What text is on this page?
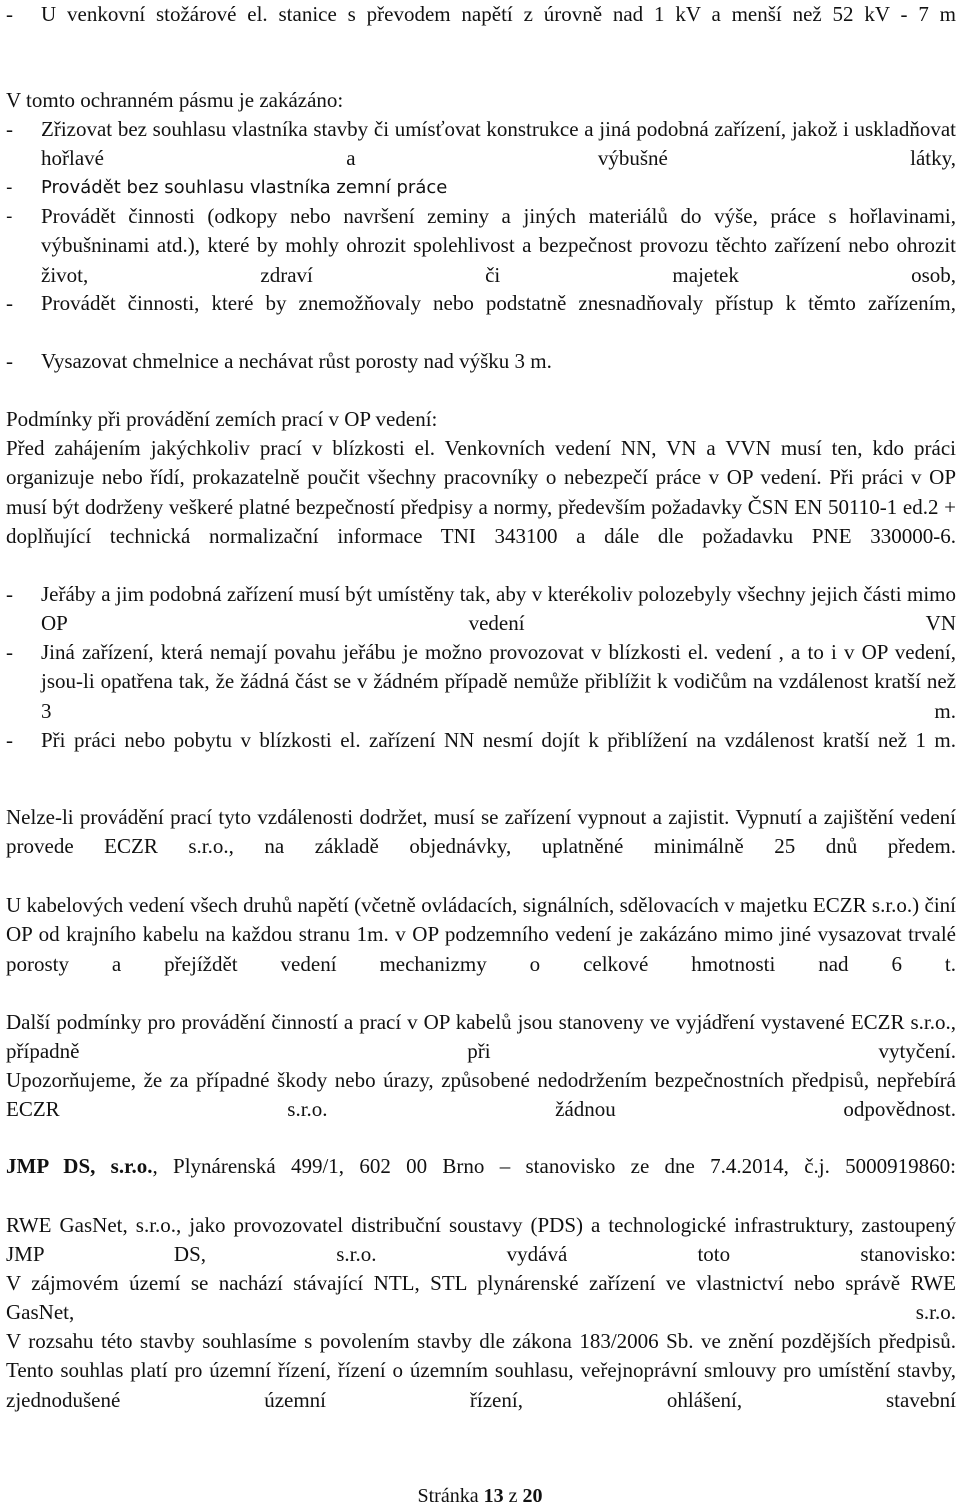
-	U venkovní stožárové el. stanice s převodem napětí z úrovně nad 1 kV a menší než 52 kV - 7 m

V tomto ochranném pásmu je zakázáno:

-	Zřizovat bez souhlasu vlastníka stavby či umísťovat konstrukce a jiná podobná zařízení, jakož i uskladňovat hořlavé a výbušné látky,

-	Provádět bez souhlasu vlastníka zemní práce

-	Provádět činnosti (odkopy nebo navršení zeminy a jiných materiálů do výše, práce s hořlavinami, výbušninami atd.), které by mohly ohrozit spolehlivost a bezpečnost provozu těchto zařízení nebo ohrozit život, zdraví či majetek osob,

-	Provádět činnosti, které by znemožňovaly nebo podstatně znesnadňovaly přístup k těmto zařízením,

-	Vysazovat chmelnice a nechávat růst porosty nad výšku 3 m.

Podmínky při provádění zemích prací v OP vedení:

Před zahájením jakýchkoliv prací v blízkosti el. Venkovních vedení NN, VN a VVN musí ten, kdo práci organizuje nebo řídí, prokazatelně poučit všechny pracovníky o nebezpečí práce v OP vedení. Při práci v OP musí být dodrženy veškeré platné bezpečností předpisy a normy, především požadavky ČSN EN 50110-1 ed.2 + doplňující technická normalizační informace TNI 343100 a dále dle požadavku PNE 330000-6.

-	Jeřáby a jim podobná zařízení musí být umístěny tak, aby v kterékoliv polozebyly všechny jejich části mimo OP vedení VN

-	Jiná zařízení, která nemají povahu jeřábu je možno provozovat v blízkosti el. vedení , a to i v OP vedení, jsou-li opatřena tak, že žádná část se v žádném případě nemůže přiblížit k vodičům na vzdálenost kratší než 3 m.

-	Při práci nebo pobytu v blízkosti el. zařízení NN nesmí dojít k přiblížení na vzdálenost kratší než 1 m.

Nelze-li provádění prací tyto vzdálenosti dodržet, musí se zařízení vypnout a zajistit. Vypnutí a zajištění vedení provede ECZR s.r.o., na základě objednávky, uplatněné minimálně 25 dnů předem.

U kabelových vedení všech druhů napětí (včetně ovládacích, signálních, sdělovacích v majetku ECZR s.r.o.) činí OP od krajního kabelu na každou stranu 1m. v OP podzemního vedení je zakázáno mimo jiné vysazovat trvalé porosty a přejíždět vedení mechanizmy o celkové hmotnosti nad 6 t.

Další podmínky pro provádění činností a prací v OP kabelů jsou stanoveny ve vyjádření vystavené ECZR s.r.o., případně při vytyčení.

Upozorňujeme, že za případné škody nebo úrazy, způsobené nedodržením bezpečnostních předpisů, nepřebírá ECZR s.r.o. žádnou odpovědnost.

JMP DS, s.r.o., Plynárenská 499/1, 602 00 Brno – stanovisko ze dne 7.4.2014, č.j. 5000919860:

RWE GasNet, s.r.o., jako provozovatel distribuční soustavy (PDS) a technologické infrastruktury, zastoupený JMP DS, s.r.o. vydává toto stanovisko:

V zájmovém území se nachází stávající NTL, STL plynárenské zařízení ve vlastnictví nebo správě RWE GasNet, s.r.o.

V rozsahu této stavby souhlasíme s povolením stavby dle zákona 183/2006 Sb. ve znění pozdějších předpisů. Tento souhlas platí pro územní řízení, řízení o územním souhlasu, veřejnoprávní smlouvy pro umístění stavby, zjednodušené územní řízení, ohlášení, stavební

Stránka 13 z 20
